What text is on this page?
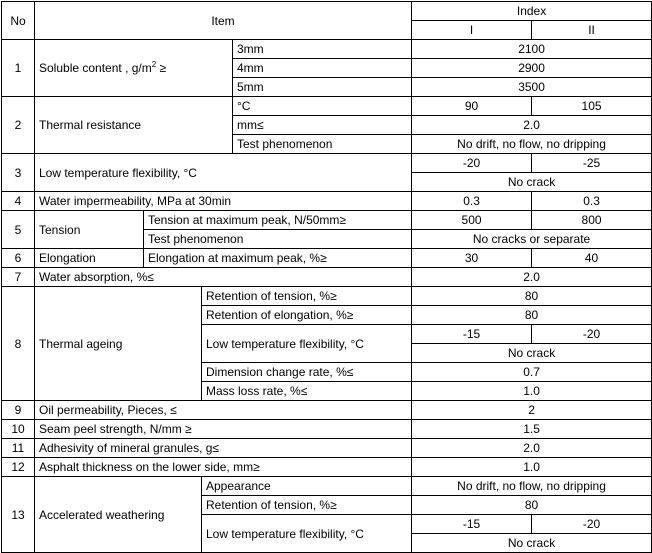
No	Item				Index	
					I	II
1	Soluble content , $g/m^2$ ≥			3mm	2100	
				4mm	2900	
				5mm	3500	
2	Thermal resistance			°C	90	105
				mm≤	2.0	
				Test phenomenon	No drift, no flow, no dripping	
3	Low temperature flexibility, °C				-20	-25
					No crack	
4	Water impermeability, MPa at 30min				0.3	0.3
5	Tension	Tension at maximum peak, N/50mm≥			500	800
		Test phenomenon			No cracks or separate	
6	Elongation	Elongation at maximum peak, %≥			30	40
7	Water absorption, %≤				2.0	
8	Thermal ageing		Retention of tension, %≥		80	
			Retention of elongation, %≥		80	
			Low temperature flexibility, °C		-15	-20
					No crack	
			Dimension change rate, %≤		0.7	
			Mass loss rate, %≤		1.0	
9	Oil permeability, Pieces, ≤				2	
10	Seam peel strength, N/mm ≥				1.5	
11	Adhesivity of mineral granules, g≤				2.0	
12	Asphalt thickness on the lower side, mm≥				1.0	
13	Accelerated weathering		Appearance		No drift, no flow, no dripping	
			Retention of tension, %≥		80	
			Low temperature flexibility, °C		-15	-20
					No crack	
